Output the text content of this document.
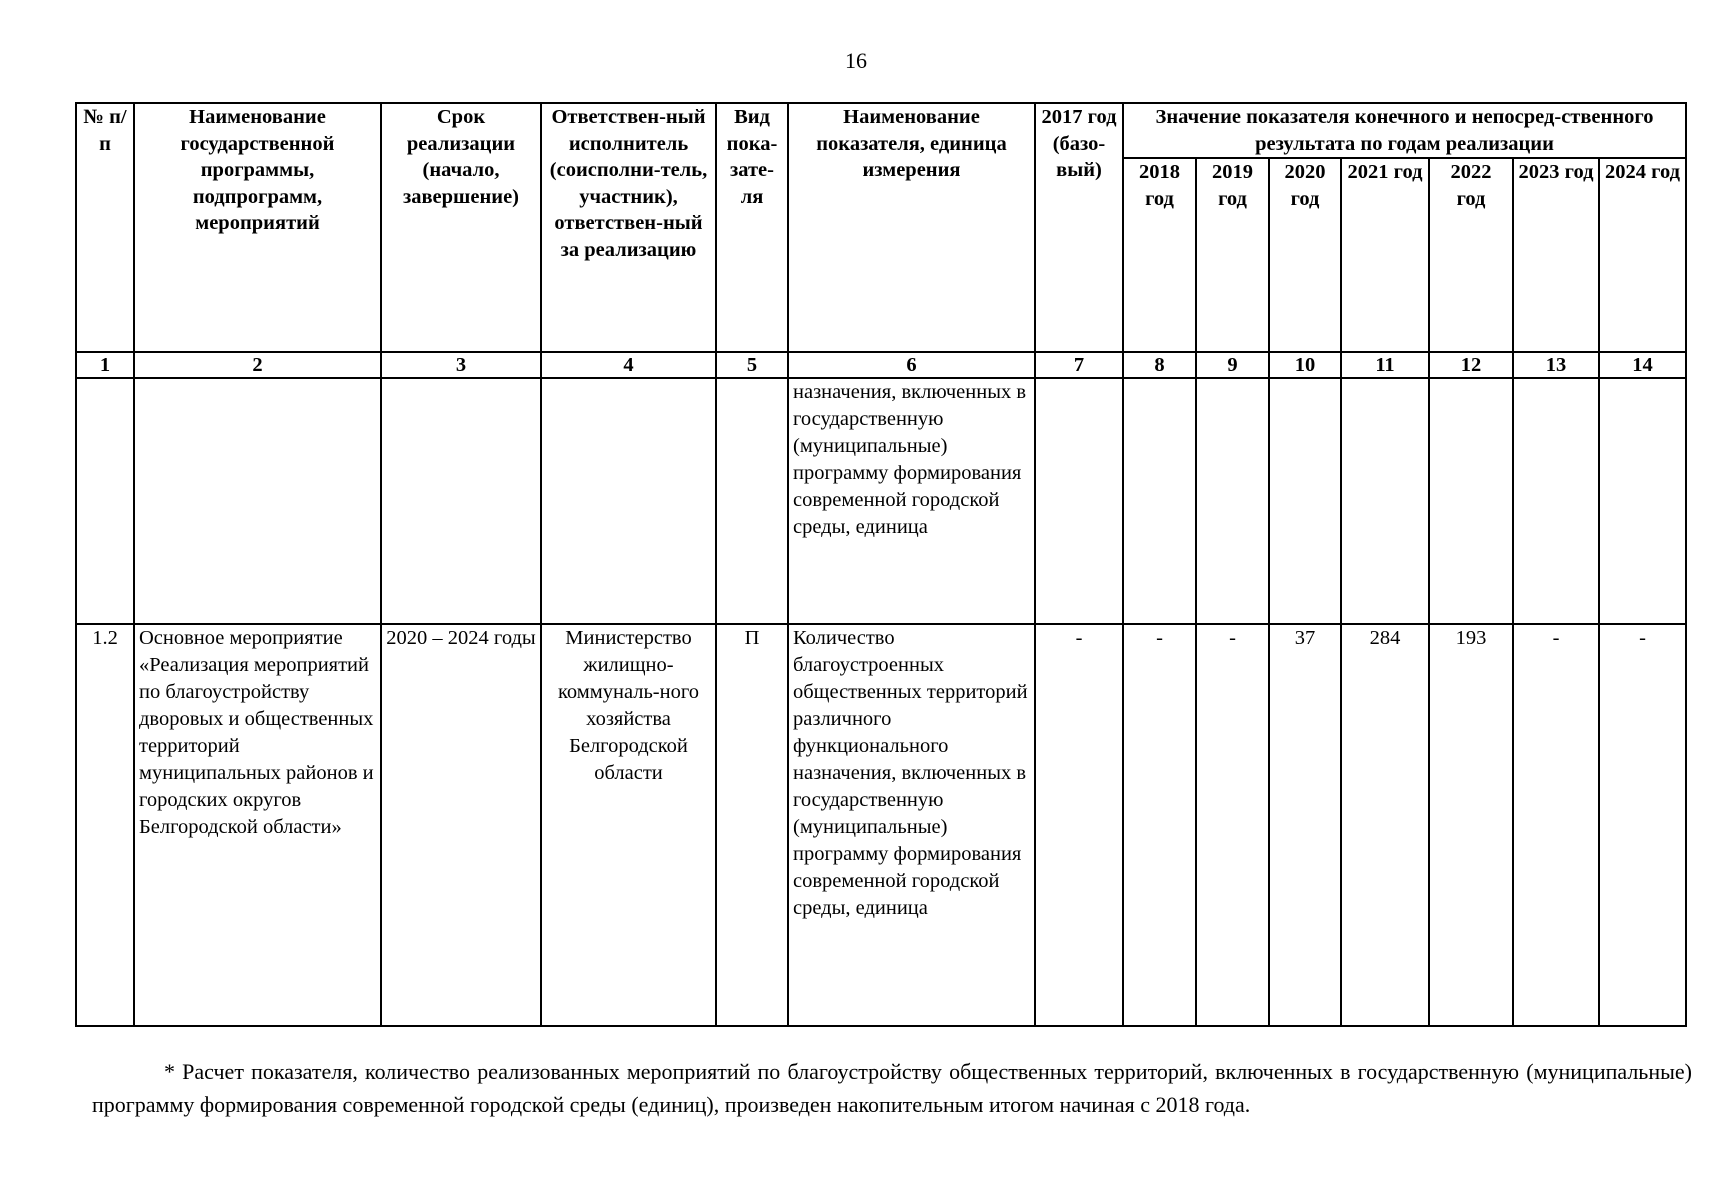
16
№ п/п	Наименование государственной программы, подпрограмм, мероприятий	Срок реализации (начало, завершение)	Ответствен-ный исполнитель (соисполни-тель, участник), ответствен-ный за реализацию	Вид пока-зате-ля	Наименование показателя, единица измерения	2017 год (базо-вый)	Значение показателя конечного и непосред-ственного результата по годам реализации						
							2018 год	2019 год	2020 год	2021 год	2022 год	2023 год	2024 год
1	2	3	4	5	6	7	8	9	10	11	12	13	14
					назначения, включенных в государственную (муниципальные) программу формирования современной городской среды, единица								
1.2	Основное мероприятие «Реализация мероприятий по благоустройству дворовых и общественных территорий муниципальных районов и городских округов Белгородской области»	2020 – 2024 годы	Министерство жилищно-коммуналь-ного хозяйства Белгородской области	П	Количество благоустроенных общественных территорий различного функционального назначения, включенных в государственную (муниципальные) программу формирования современной городской среды, единица	-	-	-	37	284	193	-	-
* Расчет показателя, количество реализованных мероприятий по благоустройству общественных территорий, включенных в государственную (муниципальные) программу формирования современной городской среды (единиц), произведен накопительным итогом начиная с 2018 года.
